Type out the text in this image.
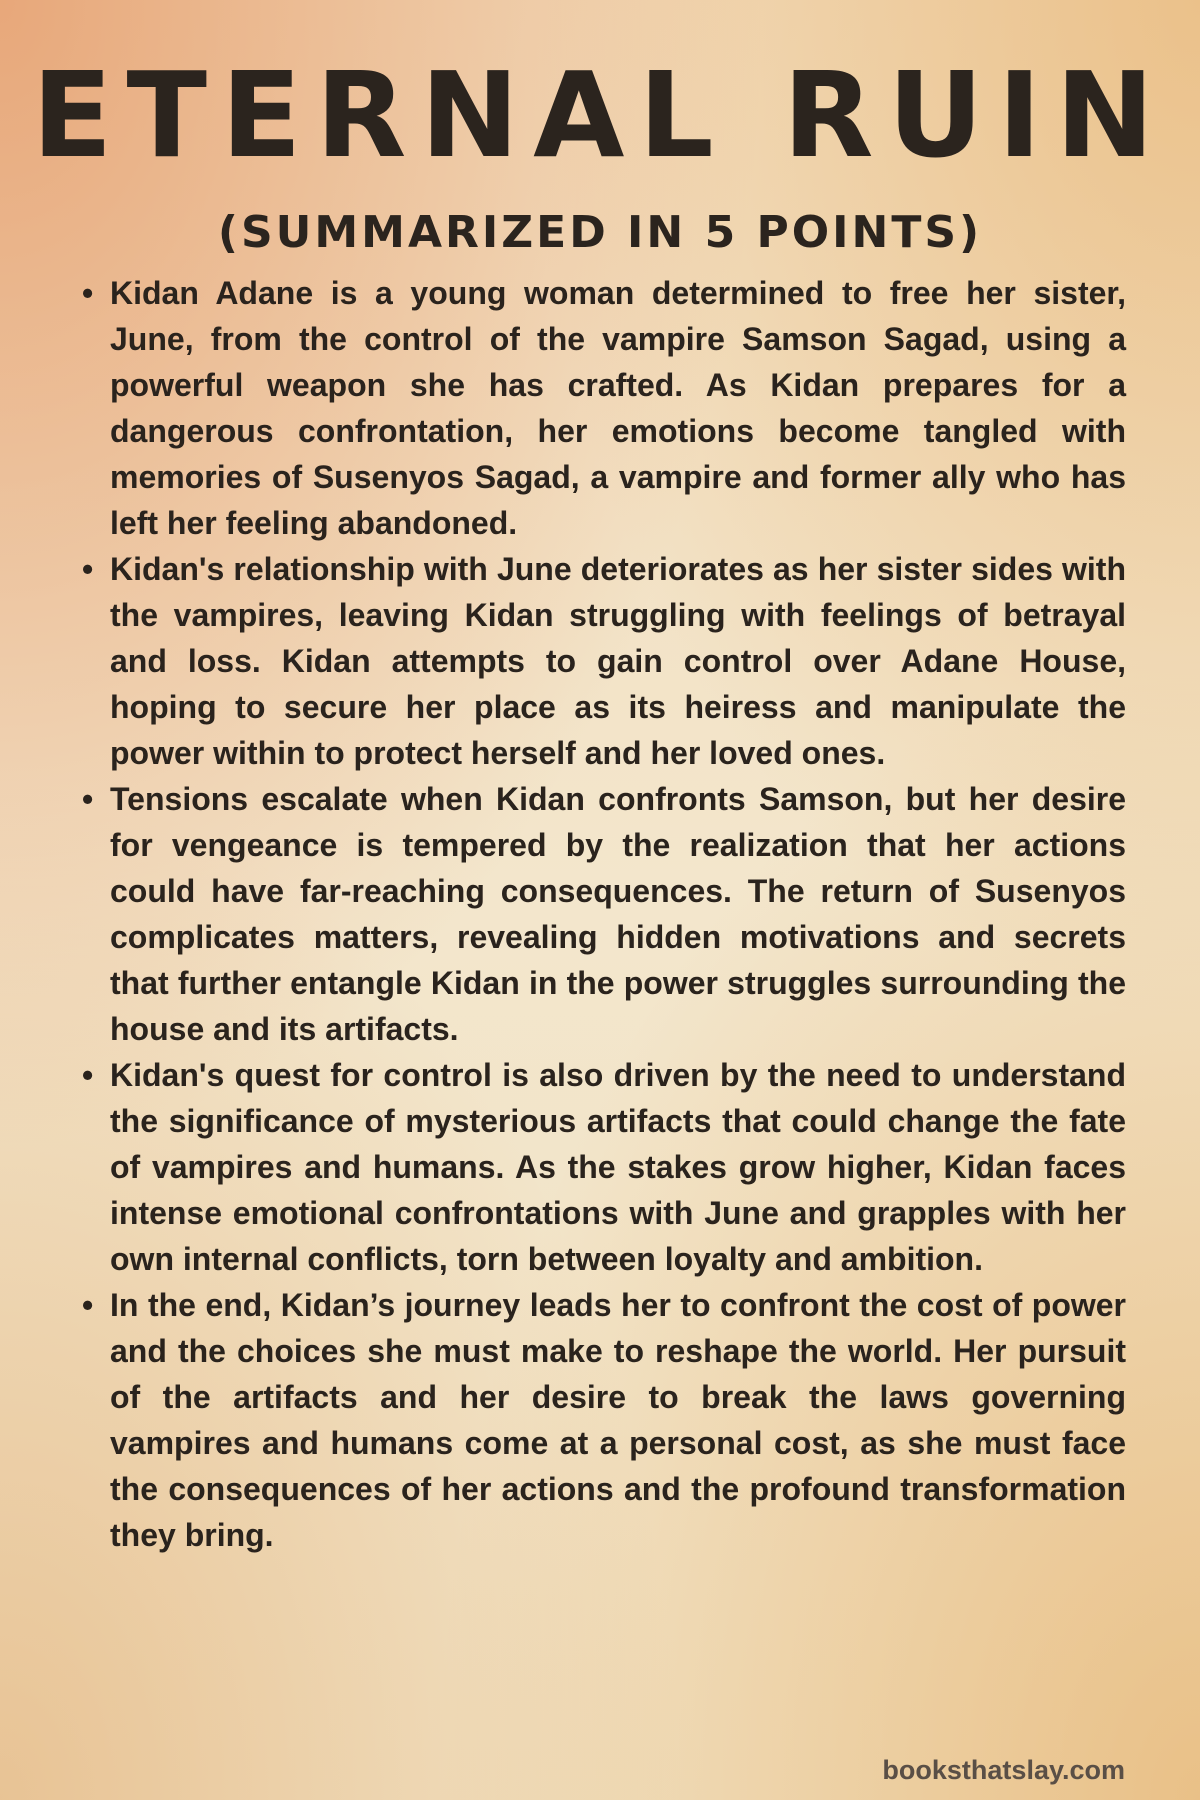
ETERNAL RUIN
(SUMMARIZED IN 5 POINTS)
• Kidan Adane is a young woman determined to free her sister, June, from the control of the vampire Samson Sagad, using a powerful weapon she has crafted. As Kidan prepares for a dangerous confrontation, her emotions become tangled with memories of Susenyos Sagad, a vampire and former ally who has left her feeling abandoned.
• Kidan's relationship with June deteriorates as her sister sides with the vampires, leaving Kidan struggling with feelings of betrayal and loss. Kidan attempts to gain control over Adane House, hoping to secure her place as its heiress and manipulate the power within to protect herself and her loved ones.
• Tensions escalate when Kidan confronts Samson, but her desire for vengeance is tempered by the realization that her actions could have far-reaching consequences. The return of Susenyos complicates matters, revealing hidden motivations and secrets that further entangle Kidan in the power struggles surrounding the house and its artifacts.
• Kidan's quest for control is also driven by the need to understand the significance of mysterious artifacts that could change the fate of vampires and humans. As the stakes grow higher, Kidan faces intense emotional confrontations with June and grapples with her own internal conflicts, torn between loyalty and ambition.
• In the end, Kidan’s journey leads her to confront the cost of power and the choices she must make to reshape the world. Her pursuit of the artifacts and her desire to break the laws governing vampires and humans come at a personal cost, as she must face the consequences of her actions and the profound transformation they bring.
booksthatslay.com
